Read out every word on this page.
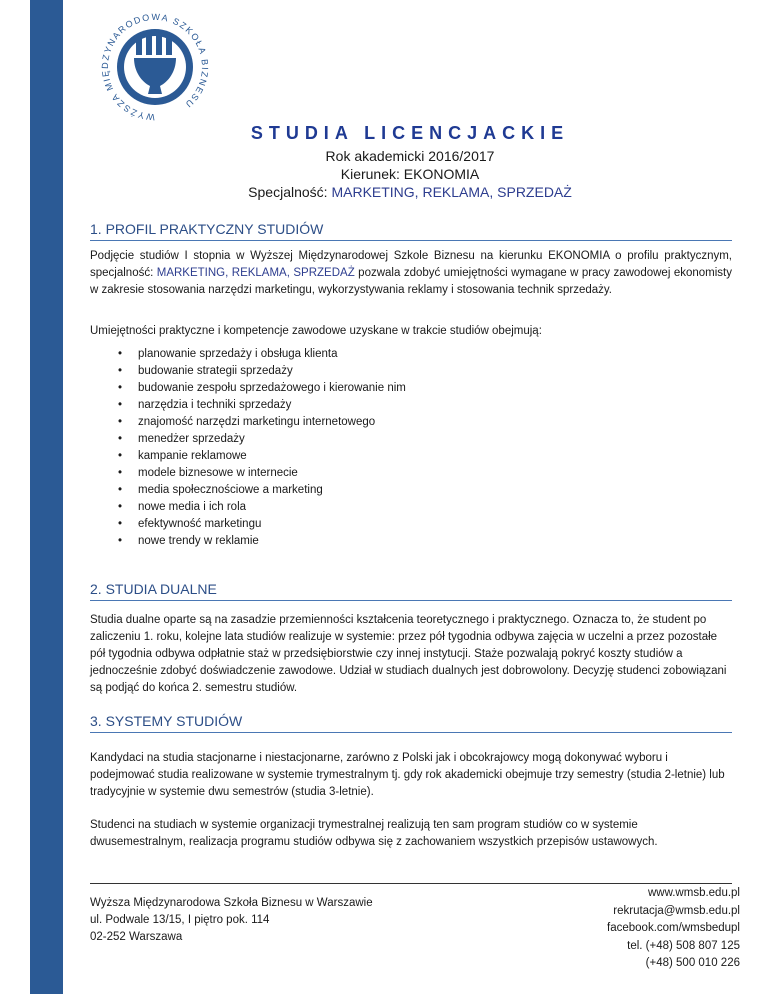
WYŻSZA MIĘDZYNARODOWA SZKOŁA BIZNESU
STUDIA LICENCJACKIE
Rok akademicki 2016/2017
Kierunek: EKONOMIA
Specjalność: MARKETING, REKLAMA, SPRZEDAŻ
1. PROFIL PRAKTYCZNY STUDIÓW

Podjęcie studiów I stopnia w Wyższej Międzynarodowej Szkole Biznesu na kierunku EKONOMIA o profilu praktycznym, specjalność: MARKETING, REKLAMA, SPRZEDAŻ pozwala zdobyć umiejętności wymagane w pracy zawodowej ekonomisty w zakresie stosowania narzędzi marketingu, wykorzystywania reklamy i stosowania technik sprzedaży.

Umiejętności praktyczne i kompetencje zawodowe uzyskane w trakcie studiów obejmują:

• planowanie sprzedaży i obsługa klienta
• budowanie strategii sprzedaży
• budowanie zespołu sprzedażowego i kierowanie nim
• narzędzia i techniki sprzedaży
• znajomość narzędzi marketingu internetowego
• menedżer sprzedaży
• kampanie reklamowe
• modele biznesowe w internecie
• media społecznościowe a marketing
• nowe media i ich rola
• efektywność marketingu
• nowe trendy w reklamie
2. STUDIA DUALNE

Studia dualne oparte są na zasadzie przemienności kształcenia teoretycznego i praktycznego. Oznacza to, że student po zaliczeniu 1. roku, kolejne lata studiów realizuje w systemie: przez pół tygodnia odbywa zajęcia w uczelni a przez pozostałe pół tygodnia odbywa odpłatnie staż w przedsiębiorstwie czy innej instytucji. Staże pozwalają pokryć koszty studiów a jednocześnie zdobyć doświadczenie zawodowe. Udział w studiach dualnych jest dobrowolony. Decyzję studenci zobowiązani są podjąć do końca 2. semestru studiów.

3. SYSTEMY STUDIÓW

Kandydaci na studia stacjonarne i niestacjonarne, zarówno z Polski jak i obcokrajowcy mogą dokonywać wyboru i podejmować studia realizowane w systemie trymestralnym tj. gdy rok akademicki obejmuje trzy semestry (studia 2-letnie) lub tradycyjnie w systemie dwu semestrów (studia 3-letnie).

Studenci na studiach w systemie organizacji trymestralnej realizują ten sam program studiów co w systemie dwusemestralnym, realizacja programu studiów odbywa się z zachowaniem wszystkich przepisów ustawowych.

Wyższa Międzynarodowa Szkoła Biznesu w Warszawie
ul. Podwale 13/15, I piętro pok. 114
02-252 Warszawa
www.wmsb.edu.pl
rekrutacja@wmsb.edu.pl
facebook.com/wmsbedupl
tel. (+48) 508 807 125
(+48) 500 010 226
